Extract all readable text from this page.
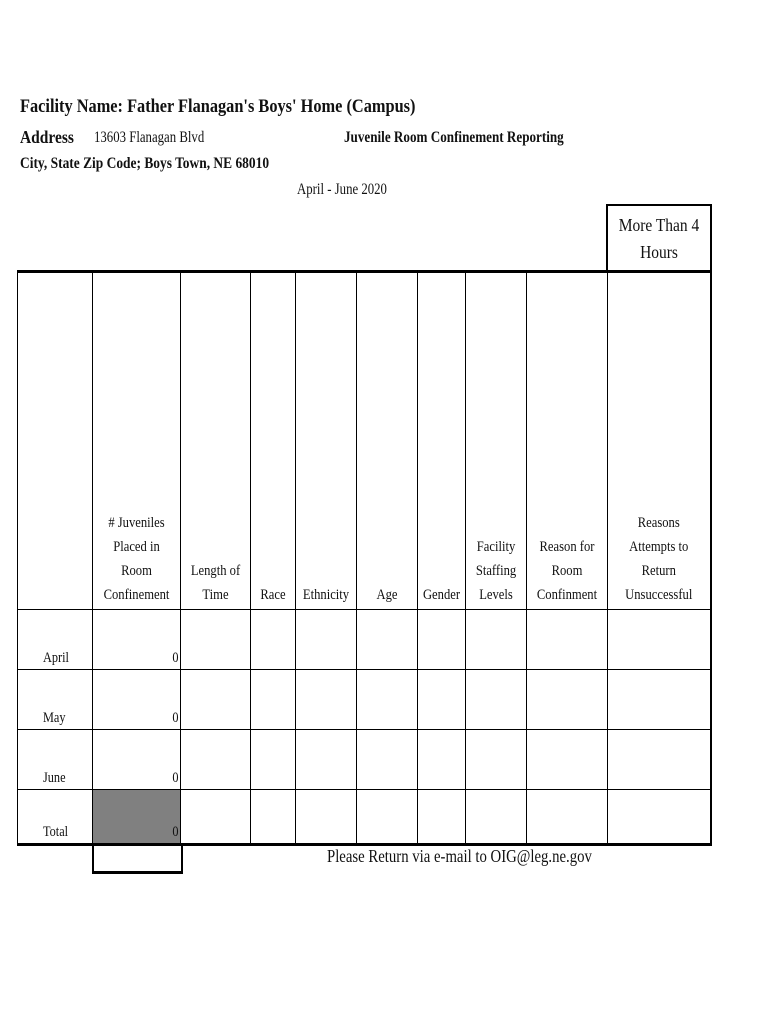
Facility Name: Father Flanagan's Boys' Home (Campus)
Address	13603 Flanagan Blvd	Juvenile Room Confinement Reporting
City, State Zip Code; Boys Town, NE 68010
April - June 2020
More Than 4 Hours

	# Juveniles Placed in Room Confinement	Length of Time	Race	Ethnicity	Age	Gender	Facility Staffing Levels	Reason for Room Confinment	Reasons Attempts to Return Unsuccessful

April	0								
May	0								
June	0								
Total	0								
Please Return via e-mail to OIG@leg.ne.gov
